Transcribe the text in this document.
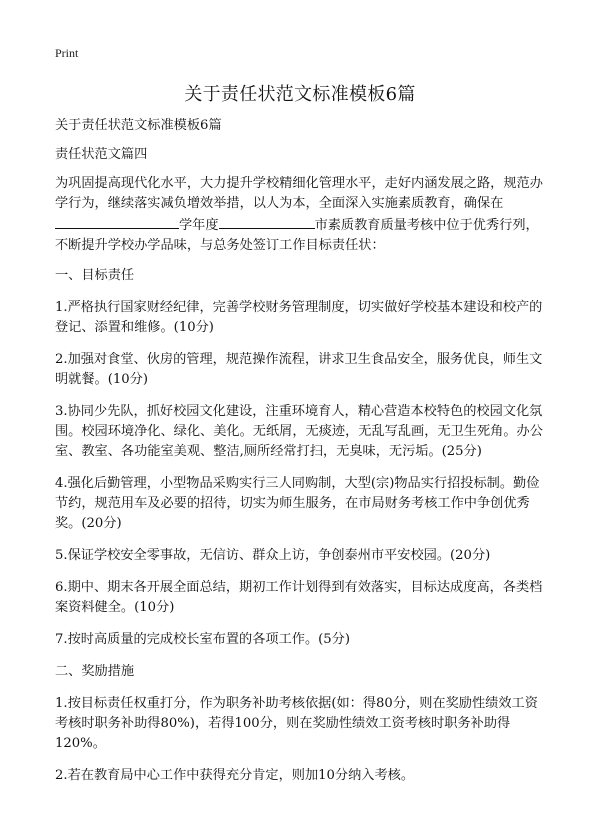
Print
关于责任状范文标准模板6篇

关于责任状范文标准模板6篇

责任状范文篇四

为巩固提高现代化水平，大力提升学校精细化管理水平，走好内涵发展之路，规范办学行为，继续落实减负增效举措，以人为本，全面深入实施素质教育，确保在学年度	市素质教育质量考核中位于优秀行列，不断提升学校办学品味，与总务处签订工作目标责任状：

一、目标责任

1.严格执行国家财经纪律，完善学校财务管理制度，切实做好学校基本建设和校产的登记、添置和维修。(10分)

2.加强对食堂、伙房的管理，规范操作流程，讲求卫生食品安全，服务优良，师生文明就餐。(10分)

3.协同少先队，抓好校园文化建设，注重环境育人，精心营造本校特色的校园文化氛围。校园环境净化、绿化、美化。无纸屑，无痰迹，无乱写乱画，无卫生死角。办公室、教室、各功能室美观、整洁,厕所经常打扫，无臭味，无污垢。(25分)

4.强化后勤管理，小型物品采购实行三人同购制，大型(宗)物品实行招投标制。勤俭节约，规范用车及必要的招待，切实为师生服务，在市局财务考核工作中争创优秀奖。(20分)

5.保证学校安全零事故，无信访、群众上访，争创泰州市平安校园。(20分)

6.期中、期末各开展全面总结，期初工作计划得到有效落实，目标达成度高，各类档案资料健全。(10分)

7.按时高质量的完成校长室布置的各项工作。(5分)

二、奖励措施

1.按目标责任权重打分，作为职务补助考核依据(如：得80分，则在奖励性绩效工资考核时职务补助得80%)，若得100分，则在奖励性绩效工资考核时职务补助得120%。

2.若在教育局中心工作中获得充分肯定，则加10分纳入考核。
